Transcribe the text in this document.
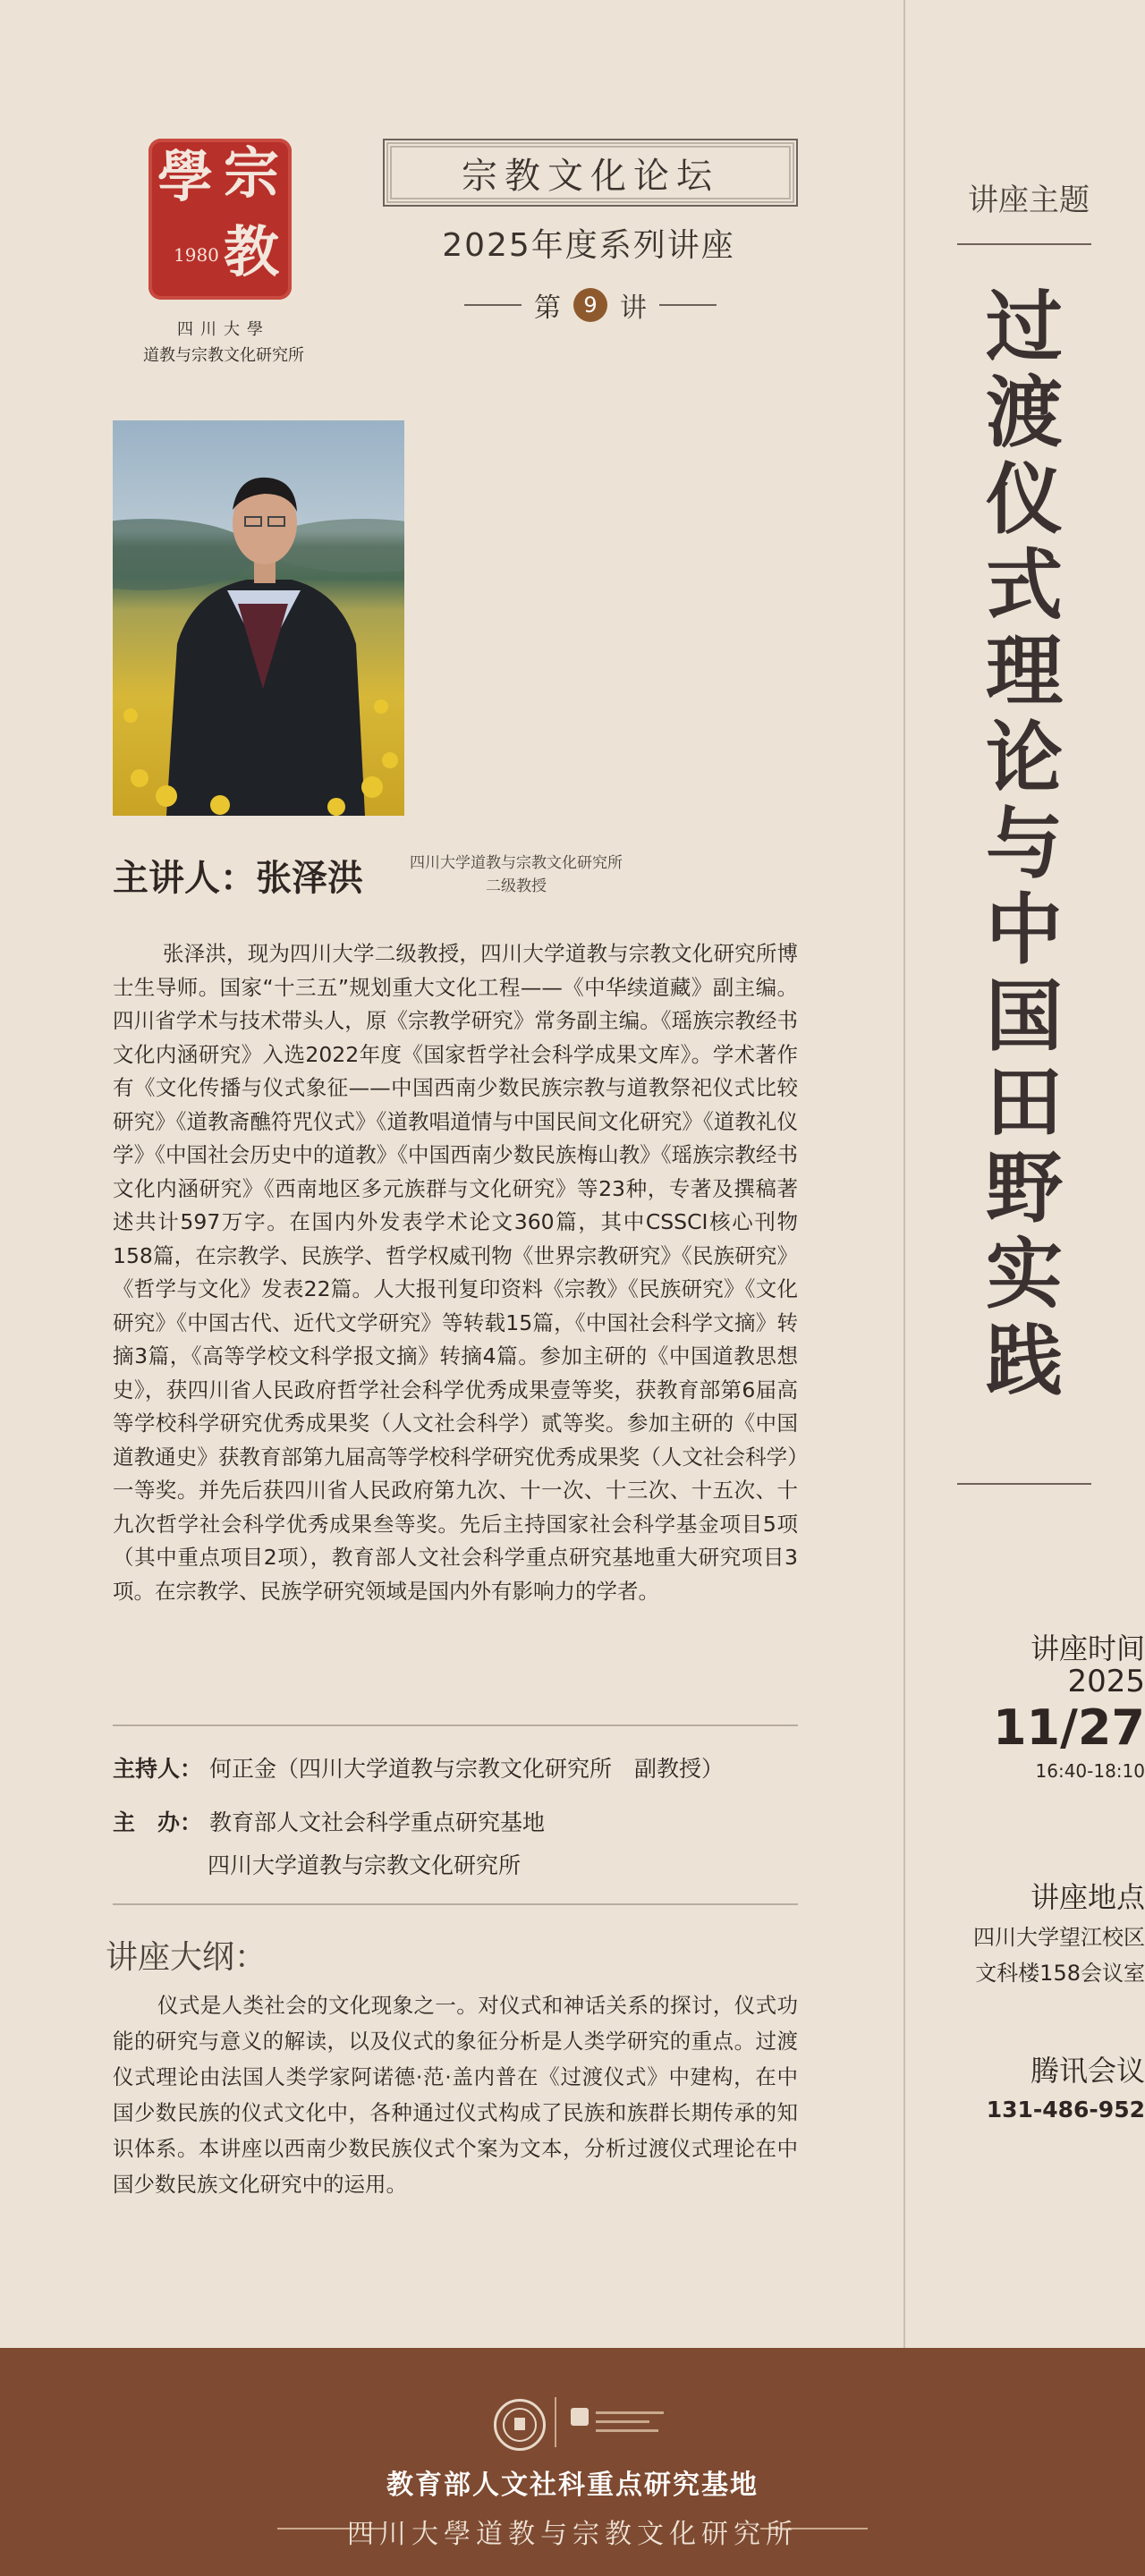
學 宗
1980 教
四川大學
道教与宗教文化研究所
宗教文化论坛
2025年度系列讲座
第	9 讲
讲座主题
过
渡
仪
式
理
论
与
中
国
田
野
实
践
讲座时间
2025
11/27
16:40-18:10
讲座地点
四川大学望江校区
文科楼158会议室
腾讯会议
131-486-952
主讲人：张泽洪	四川大学道教与宗教文化研究所
二级教授
张泽洪，现为四川大学二级教授，四川大学道教与宗教文化研究所博士生导师。国家“十三五”规划重大文化工程——《中华续道藏》副主编。四川省学术与技术带头人，原《宗教学研究》常务副主编。《瑶族宗教经书文化内涵研究》入选2022年度《国家哲学社会科学成果文库》。学术著作有《文化传播与仪式象征——中国西南少数民族宗教与道教祭祀仪式比较研究》《道教斋醮符咒仪式》《道教唱道情与中国民间文化研究》《道教礼仪学》《中国社会历史中的道教》《中国西南少数民族梅山教》《瑶族宗教经书文化内涵研究》《西南地区多元族群与文化研究》等23种，专著及撰稿著述共计597万字。在国内外发表学术论文360篇，其中CSSCI核心刊物158篇，在宗教学、民族学、哲学权威刊物《世界宗教研究》《民族研究》《哲学与文化》发表22篇。人大报刊复印资料《宗教》《民族研究》《文化研究》《中国古代、近代文学研究》等转载15篇，《中国社会科学文摘》转摘3篇，《高等学校文科学报文摘》转摘4篇。参加主研的《中国道教思想史》，获四川省人民政府哲学社会科学优秀成果壹等奖，获教育部第6届高等学校科学研究优秀成果奖（人文社会科学）贰等奖。参加主研的《中国道教通史》获教育部第九届高等学校科学研究优秀成果奖（人文社会科学）一等奖。并先后获四川省人民政府第九次、十一次、十三次、十五次、十九次哲学社会科学优秀成果叁等奖。先后主持国家社会科学基金项目5项（其中重点项目2项），教育部人文社会科学重点研究基地重大研究项目3项。在宗教学、民族学研究领域是国内外有影响力的学者。
主持人： 何正金（四川大学道教与宗教文化研究所　副教授）
主　办： 教育部人文社会科学重点研究基地
四川大学道教与宗教文化研究所
讲座大纲：
仪式是人类社会的文化现象之一。对仪式和神话关系的探讨，仪式功能的研究与意义的解读，以及仪式的象征分析是人类学研究的重点。过渡仪式理论由法国人类学家阿诺德·范·盖内普在《过渡仪式》中建构，在中国少数民族的仪式文化中，各种通过仪式构成了民族和族群长期传承的知识体系。本讲座以西南少数民族仪式个案为文本，分析过渡仪式理论在中国少数民族文化研究中的运用。
教育部人文社科重点研究基地
四川大學道教与宗教文化研究所
